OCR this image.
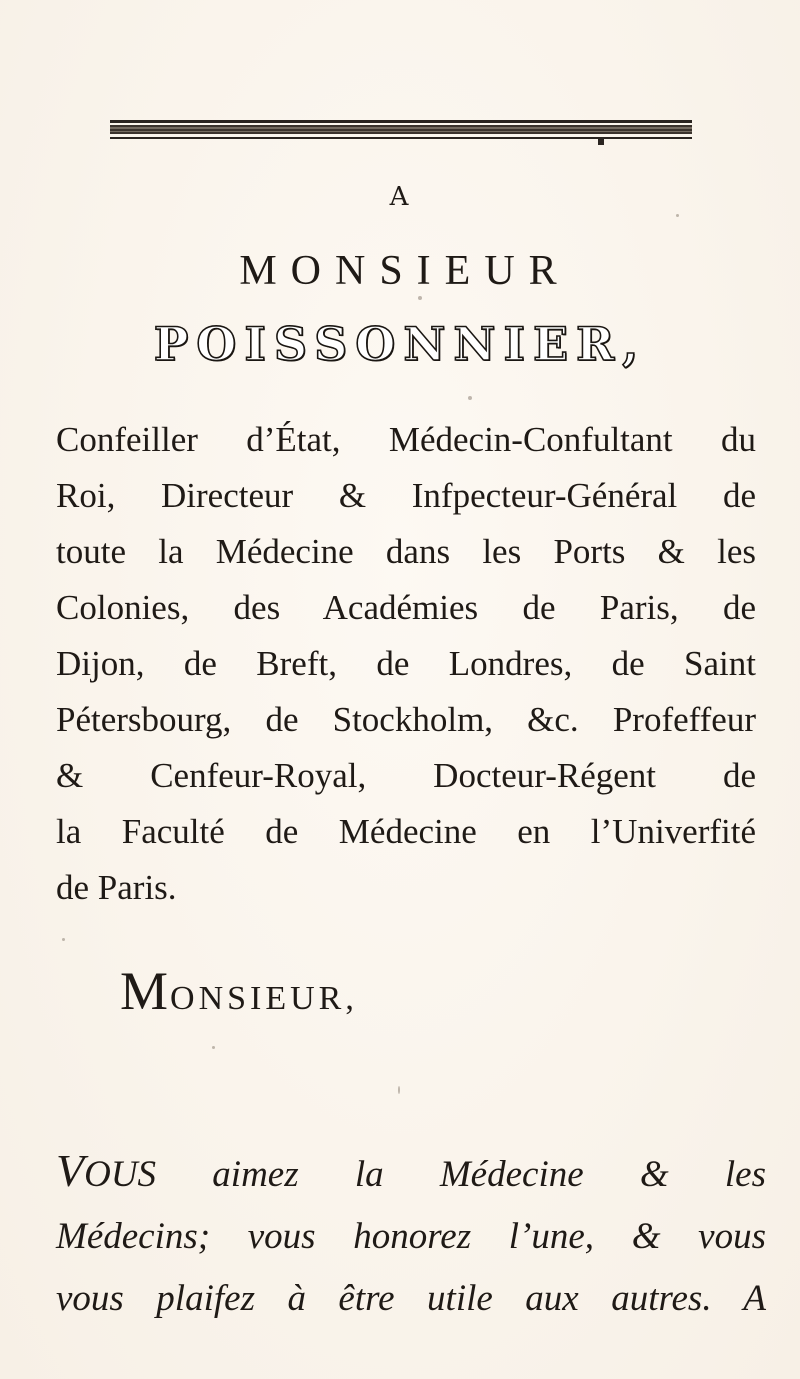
A
MONSIEUR
POISSONNIER,
Confeiller d’État, Médecin-Confultant du
Roi, Directeur & Infpecteur-Général de
toute la Médecine dans les Ports & les
Colonies, des Académies de Paris, de
Dijon, de Breft, de Londres, de Saint
Pétersbourg, de Stockholm, &c. Profeffeur
& Cenfeur-Royal, Docteur-Régent de
la Faculté de Médecine en l’Univerfité
de Paris.
MONSIEUR,
VOUS aimez la Médecine & les
Médecins; vous honorez l’une, & vous
vous plaifez à être utile aux autres. A
